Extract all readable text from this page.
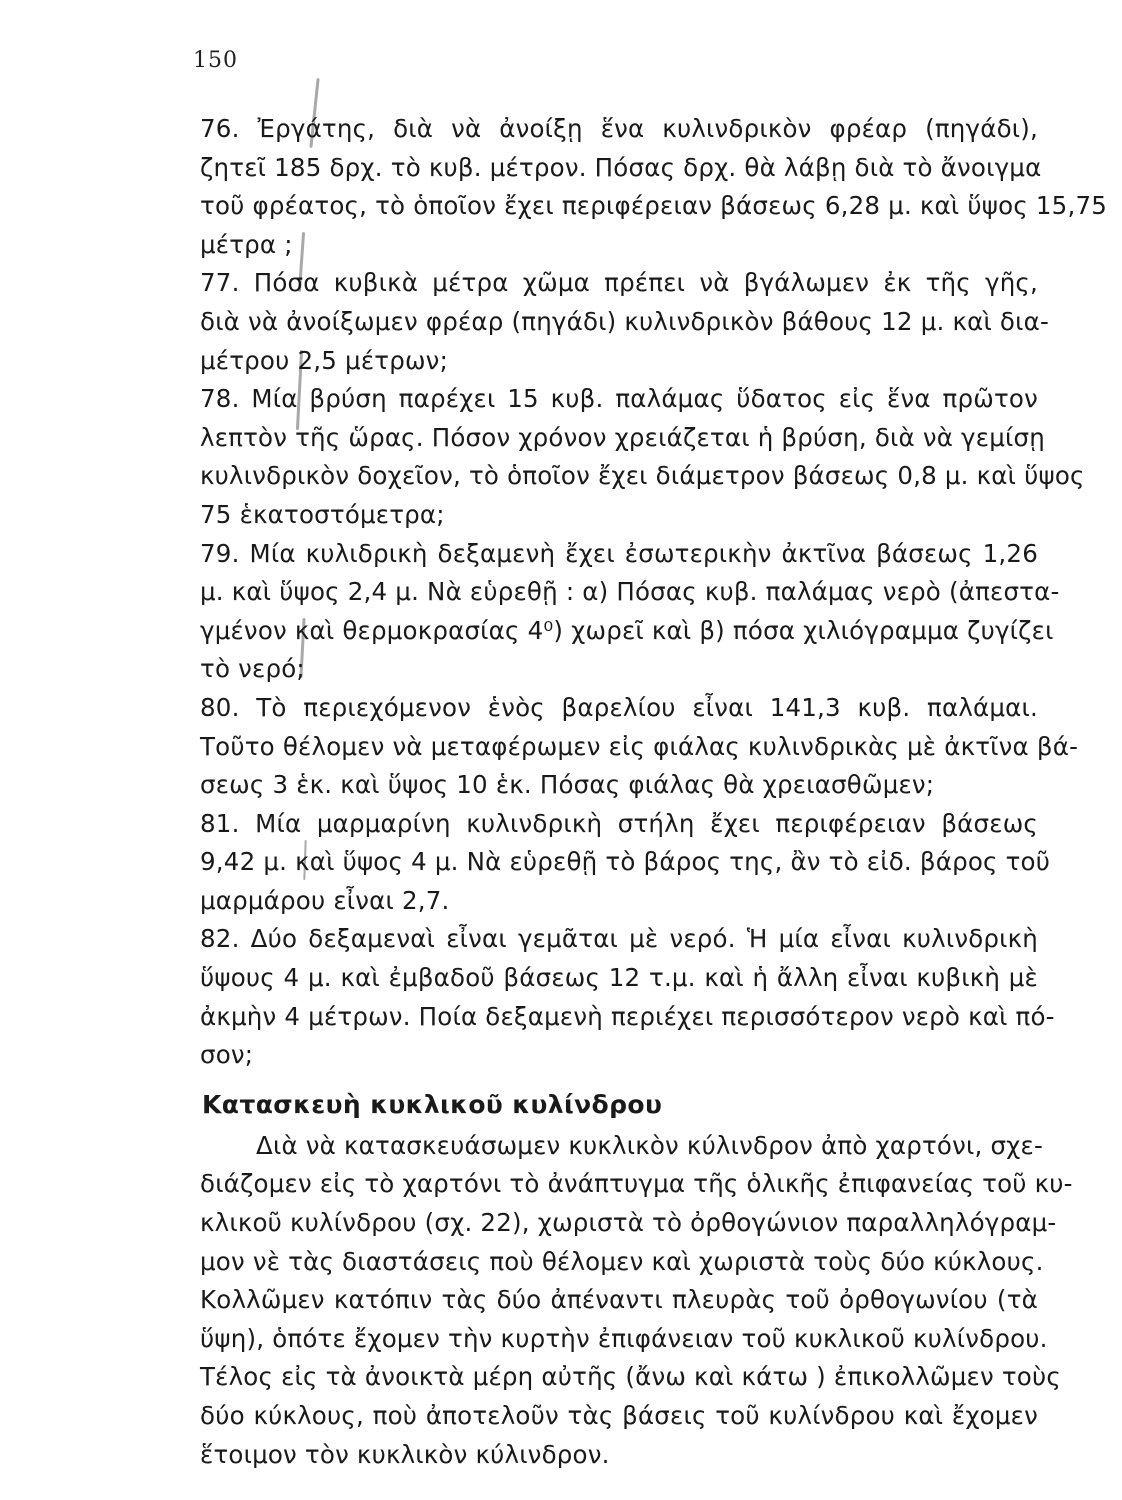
150
76. Ἐργάτης, διὰ νὰ ἀνοίξῃ ἕνα κυλινδρικὸν φρέαρ (πηγάδι),
ζητεῖ 185 δρχ. τὸ κυβ. μέτρον. Πόσας δρχ. θὰ λάβῃ διὰ τὸ ἄνοιγμα
τοῦ φρέατος, τὸ ὁποῖον ἔχει περιφέρειαν βάσεως 6,28 μ. καὶ ὕψος 15,75
μέτρα ;
77. Πόσα κυβικὰ μέτρα χῶμα πρέπει νὰ βγάλωμεν ἐκ τῆς γῆς,
διὰ νὰ ἀνοίξωμεν φρέαρ (πηγάδι) κυλινδρικὸν βάθους 12 μ. καὶ δια-
μέτρου 2,5 μέτρων;
78. Μία βρύση παρέχει 15 κυβ. παλάμας ὕδατος εἰς ἕνα πρῶτον
λεπτὸν τῆς ὥρας. Πόσον χρόνον χρειάζεται ἡ βρύση, διὰ νὰ γεμίσῃ
κυλινδρικὸν δοχεῖον, τὸ ὁποῖον ἔχει διάμετρον βάσεως 0,8 μ. καὶ ὕψος
75 ἑκατοστόμετρα;
79. Μία κυλιδρικὴ δεξαμενὴ ἔχει ἐσωτερικὴν ἀκτῖνα βάσεως 1,26
μ. καὶ ὕψος 2,4 μ. Νὰ εὑρεθῇ : α) Πόσας κυβ. παλάμας νερὸ (ἀπεστα-
γμένον καὶ θερμοκρασίας 4⁰) χωρεῖ καὶ β) πόσα χιλιόγραμμα ζυγίζει
τὸ νερό;
80. Τὸ περιεχόμενον ἑνὸς βαρελίου εἶναι 141,3 κυβ. παλάμαι.
Τοῦτο θέλομεν νὰ μεταφέρωμεν εἰς φιάλας κυλινδρικὰς μὲ ἀκτῖνα βά-
σεως 3 ἑκ. καὶ ὕψος 10 ἑκ. Πόσας φιάλας θὰ χρειασθῶμεν;
81. Μία μαρμαρίνη κυλινδρικὴ στήλη ἔχει περιφέρειαν βάσεως
9,42 μ. καὶ ὕψος 4 μ. Νὰ εὑρεθῇ τὸ βάρος της, ἂν τὸ εἰδ. βάρος τοῦ
μαρμάρου εἶναι 2,7.
82. Δύο δεξαμεναὶ εἶναι γεμᾶται μὲ νερό. Ἡ μία εἶναι κυλινδρικὴ
ὕψους 4 μ. καὶ ἐμβαδοῦ βάσεως 12 τ.μ. καὶ ἡ ἄλλη εἶναι κυβικὴ μὲ
ἀκμὴν 4 μέτρων. Ποία δεξαμενὴ περιέχει περισσότερον νερὸ καὶ πό-
σον;
Κατασκευὴ κυκλικοῦ κυλίνδρου
Διὰ νὰ κατασκευάσωμεν κυκλικὸν κύλινδρον ἀπὸ χαρτόνι, σχε-
διάζομεν εἰς τὸ χαρτόνι τὸ ἀνάπτυγμα τῆς ὁλικῆς ἐπιφανείας τοῦ κυ-
κλικοῦ κυλίνδρου (σχ. 22), χωριστὰ τὸ ὀρθογώνιον παραλληλόγραμ-
μον νὲ τὰς διαστάσεις ποὺ θέλομεν καὶ χωριστὰ τοὺς δύο κύκλους.
Κολλῶμεν κατόπιν τὰς δύο ἀπέναντι πλευρὰς τοῦ ὀρθογωνίου (τὰ
ὕψη), ὁπότε ἔχομεν τὴν κυρτὴν ἐπιφάνειαν τοῦ κυκλικοῦ κυλίνδρου.
Τέλος εἰς τὰ ἀνοικτὰ μέρη αὐτῆς (ἄνω καὶ κάτω ) ἐπικολλῶμεν τοὺς
δύο κύκλους, ποὺ ἀποτελοῦν τὰς βάσεις τοῦ κυλίνδρου καὶ ἔχομεν
ἕτοιμον τὸν κυκλικὸν κύλινδρον.
